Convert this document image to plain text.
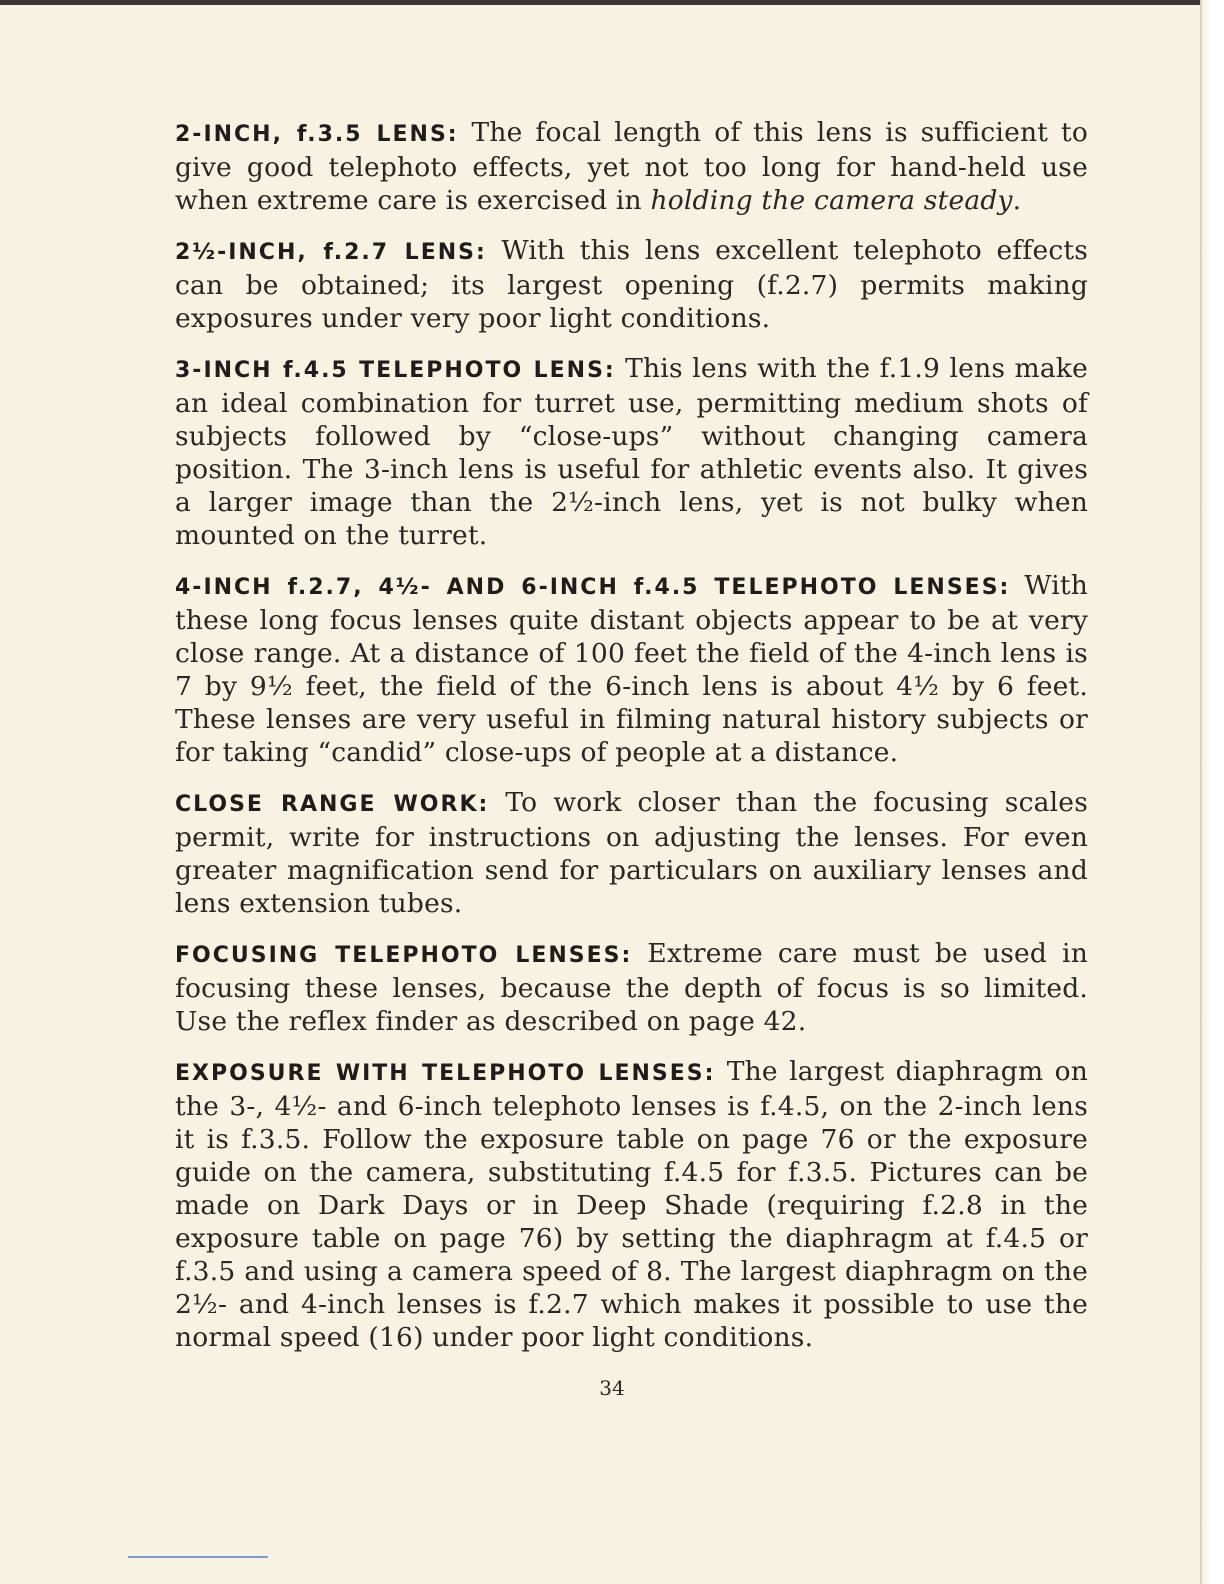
2-INCH, f.3.5 LENS: The focal length of this lens is sufficient to give good telephoto effects, yet not too long for hand-held use when extreme care is exercised in holding the camera steady.

2½-INCH, f.2.7 LENS: With this lens excellent telephoto effects can be obtained; its largest opening (f.2.7) permits making exposures under very poor light conditions.

3-INCH f.4.5 TELEPHOTO LENS: This lens with the f.1.9 lens make an ideal combination for turret use, permitting medium shots of subjects followed by “close-ups” without changing camera position. The 3-inch lens is useful for athletic events also. It gives a larger image than the 2½-inch lens, yet is not bulky when mounted on the turret.

4-INCH f.2.7, 4½- AND 6-INCH f.4.5 TELEPHOTO LENSES: With these long focus lenses quite distant objects appear to be at very close range. At a distance of 100 feet the field of the 4-inch lens is 7 by 9½ feet, the field of the 6-inch lens is about 4½ by 6 feet. These lenses are very useful in filming natural history subjects or for taking “candid” close-ups of people at a distance.

CLOSE RANGE WORK: To work closer than the focusing scales permit, write for instructions on adjusting the lenses. For even greater magnification send for particulars on auxiliary lenses and lens extension tubes.

FOCUSING TELEPHOTO LENSES: Extreme care must be used in focusing these lenses, because the depth of focus is so limited. Use the reflex finder as described on page 42.

EXPOSURE WITH TELEPHOTO LENSES: The largest diaphragm on the 3-, 4½- and 6-inch telephoto lenses is f.4.5, on the 2-inch lens it is f.3.5. Follow the exposure table on page 76 or the exposure guide on the camera, substituting f.4.5 for f.3.5. Pictures can be made on Dark Days or in Deep Shade (requiring f.2.8 in the exposure table on page 76) by setting the diaphragm at f.4.5 or f.3.5 and using a camera speed of 8. The largest diaphragm on the 2½- and 4-inch lenses is f.2.7 which makes it possible to use the normal speed (16) under poor light conditions.

34
